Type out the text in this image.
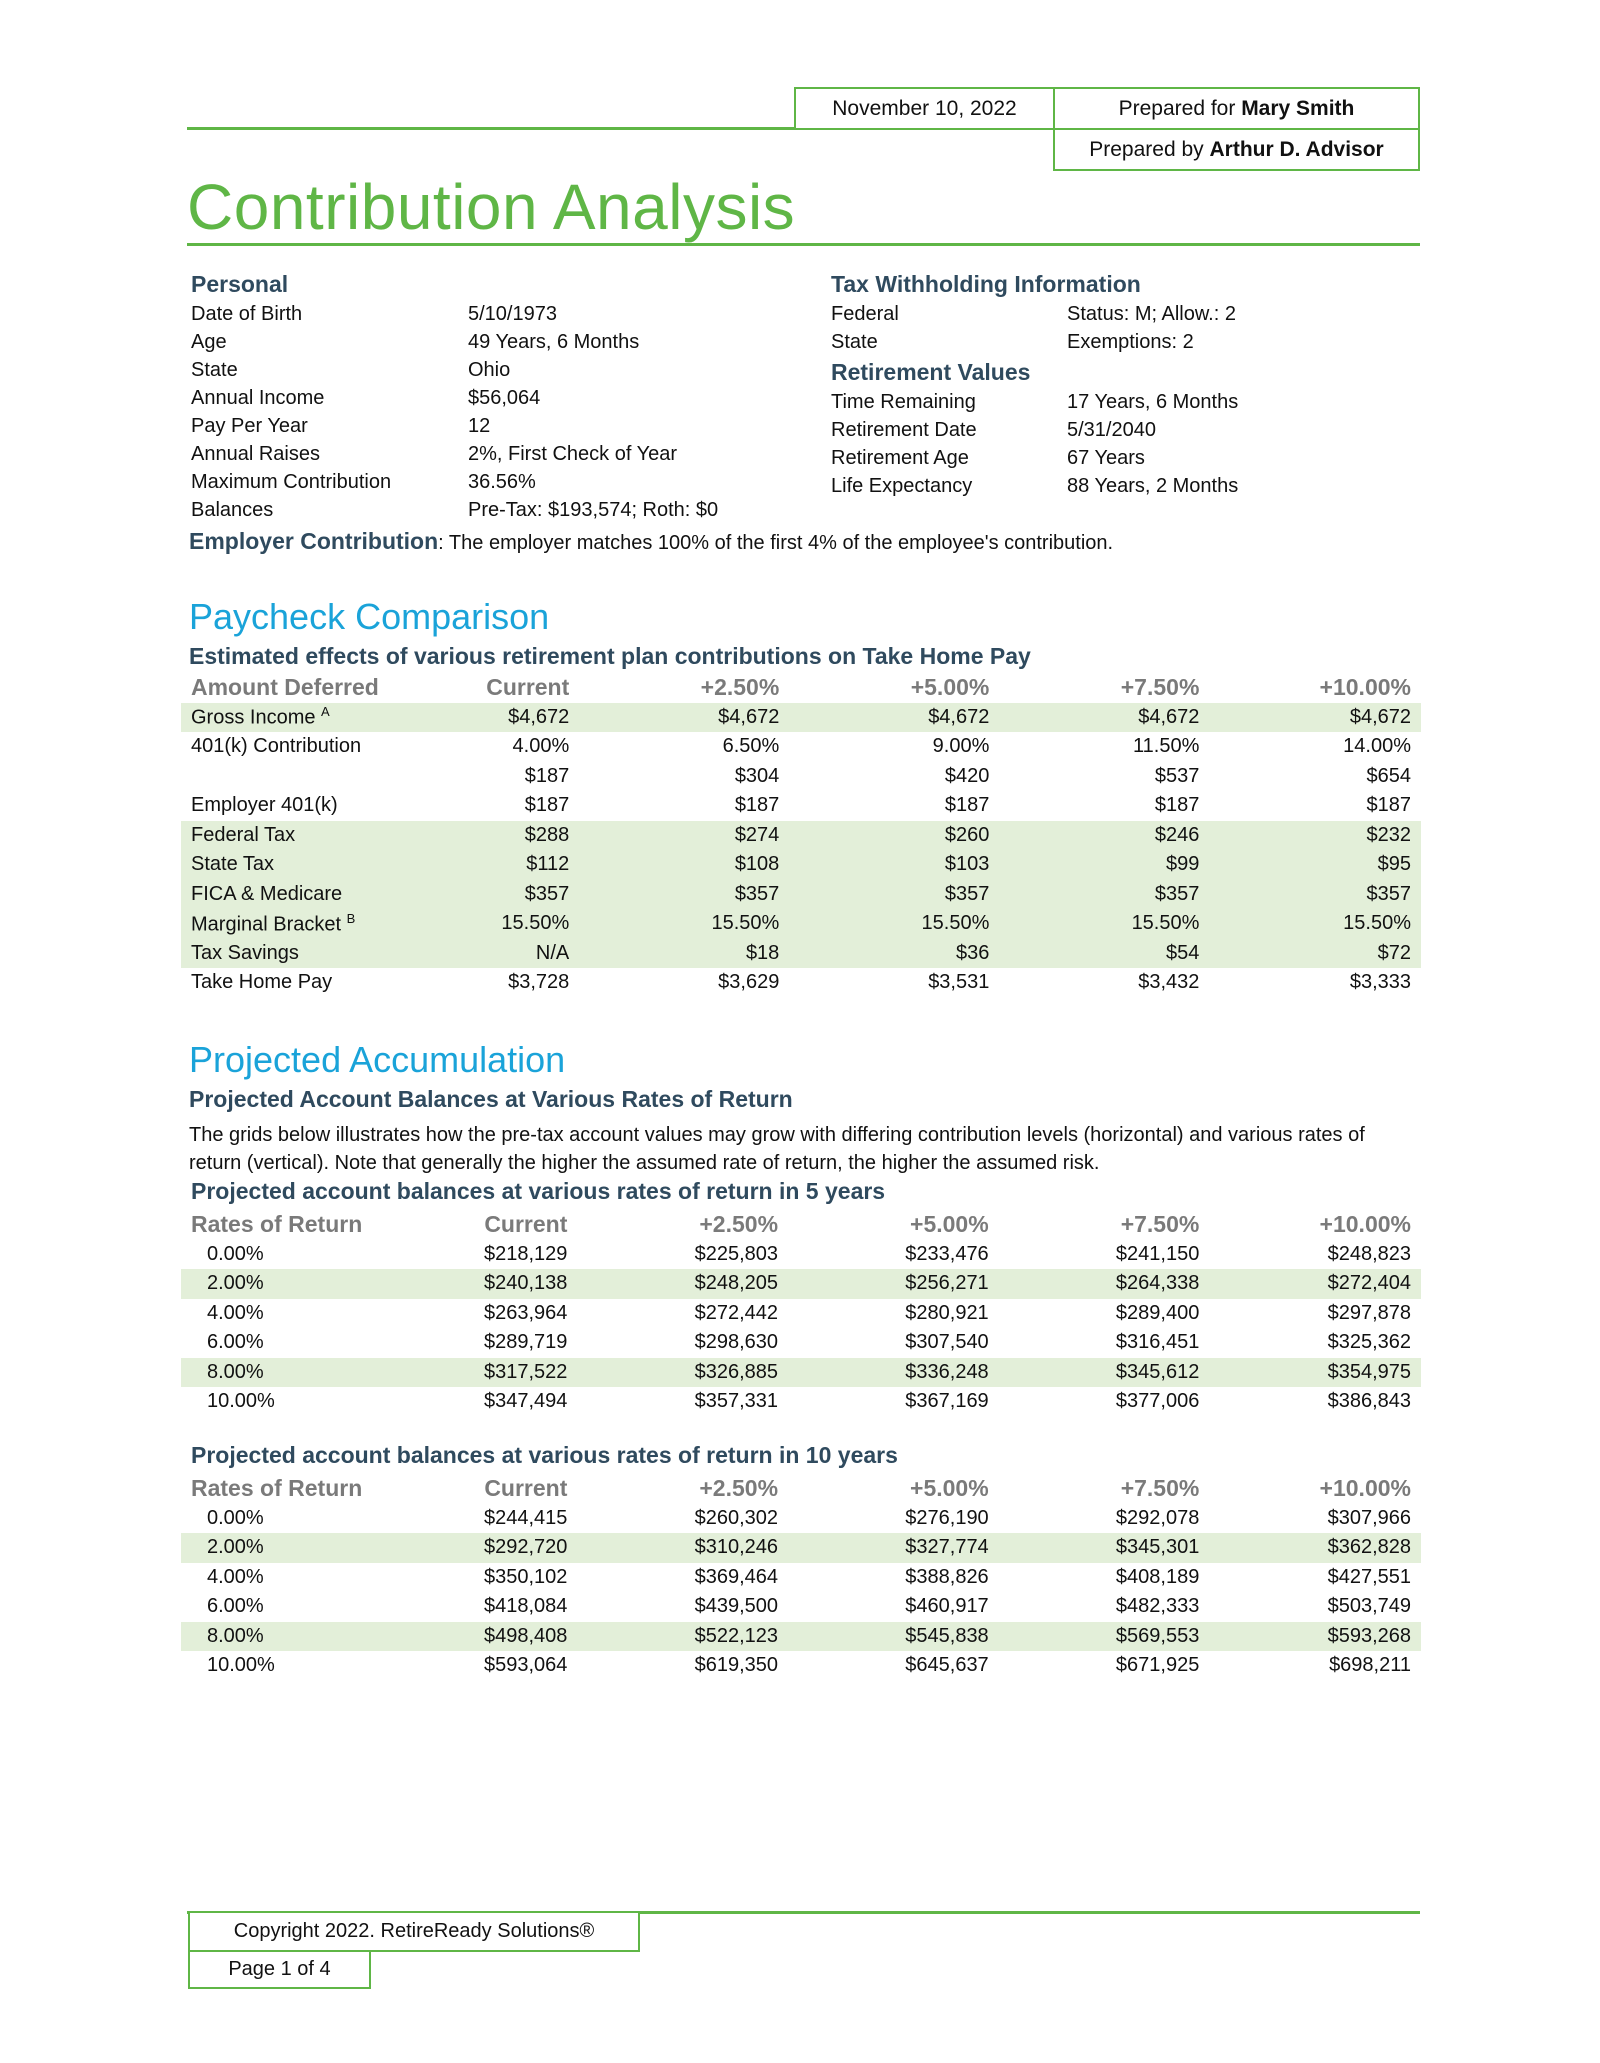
November 10, 2022	Prepared for
Mary Smith
Prepared by
Arthur D. Advisor
Contribution Analysis
Personal
Date of Birth	5/10/1973
Age	49 Years, 6 Months
State	Ohio
Annual Income	$56,064
Pay Per Year	12
Annual Raises	2%, First Check of Year
Maximum Contribution	36.56%
Balances	Pre-Tax: $193,574; Roth: $0
Tax Withholding Information
Federal	Status: M; Allow.: 2
State	Exemptions: 2
Retirement Values
Time Remaining	17 Years, 6 Months
Retirement Date	5/31/2040
Retirement Age	67 Years
Life Expectancy	88 Years, 2 Months
Employer Contribution: The employer matches 100% of the first 4% of the employee's contribution.
Paycheck Comparison
Estimated effects of various retirement plan contributions on Take Home Pay
Amount Deferred	Current	+2.50%	+5.00%	+7.50%	+10.00%
Gross Income $^A$	$4,672	$4,672	$4,672	$4,672	$4,672
401(k) Contribution	4.00%	6.50%	9.00%	11.50%	14.00%
	$187	$304	$420	$537	$654
Employer 401(k)	$187	$187	$187	$187	$187
Federal Tax	$288	$274	$260	$246	$232
State Tax	$112	$108	$103	$99	$95
FICA & Medicare	$357	$357	$357	$357	$357
Marginal Bracket $^B$	15.50%	15.50%	15.50%	15.50%	15.50%
Tax Savings	N/A	$18	$36	$54	$72
Take Home Pay	$3,728	$3,629	$3,531	$3,432	$3,333
Projected Accumulation
Projected Account Balances at Various Rates of Return
The grids below illustrates how the pre-tax account values may grow with differing contribution levels (horizontal) and various rates of return (vertical). Note that generally the higher the assumed rate of return, the higher the assumed risk.
Projected account balances at various rates of return in 5 years
Rates of Return	Current	+2.50%	+5.00%	+7.50%	+10.00%
0.00%	$218,129	$225,803	$233,476	$241,150	$248,823
2.00%	$240,138	$248,205	$256,271	$264,338	$272,404
4.00%	$263,964	$272,442	$280,921	$289,400	$297,878
6.00%	$289,719	$298,630	$307,540	$316,451	$325,362
8.00%	$317,522	$326,885	$336,248	$345,612	$354,975
10.00%	$347,494	$357,331	$367,169	$377,006	$386,843
Projected account balances at various rates of return in 10 years
Rates of Return	Current	+2.50%	+5.00%	+7.50%	+10.00%
0.00%	$244,415	$260,302	$276,190	$292,078	$307,966
2.00%	$292,720	$310,246	$327,774	$345,301	$362,828
4.00%	$350,102	$369,464	$388,826	$408,189	$427,551
6.00%	$418,084	$439,500	$460,917	$482,333	$503,749
8.00%	$498,408	$522,123	$545,838	$569,553	$593,268
10.00%	$593,064	$619,350	$645,637	$671,925	$698,211
Copyright 2022. RetireReady Solutions®
Page 1 of 4
